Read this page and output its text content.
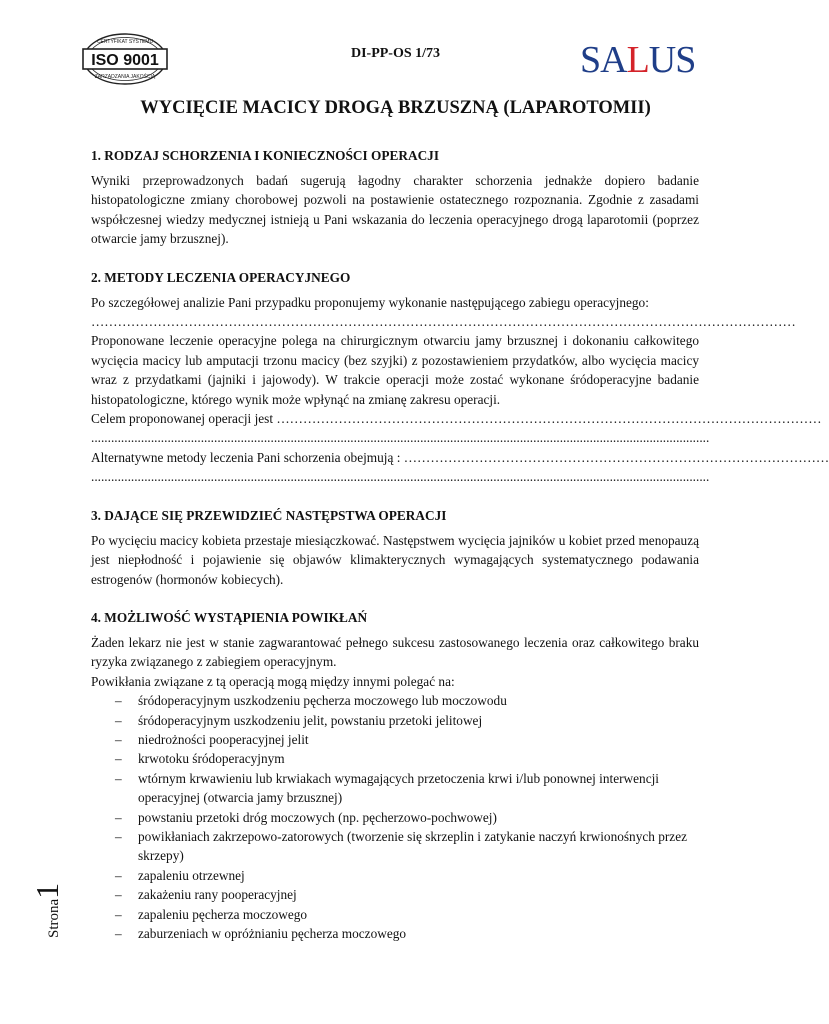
ISO 9001
CERTYFIKAT SYSTEMU
ZARZĄDZANIA JAKOŚCIĄ
DI-PP-OS 1/73	SALUS
WYCIĘCIE MACICY DROGĄ BRZUSZNĄ (LAPAROTOMII)
1. RODZAJ SCHORZENIA I KONIECZNOŚCI OPERACJI

Wyniki przeprowadzonych badań sugerują łagodny charakter schorzenia jednakże dopiero badanie histopatologiczne zmiany chorobowej pozwoli na postawienie ostatecznego rozpoznania. Zgodnie z zasadami współczesnej wiedzy medycznej istnieją u Pani wskazania do leczenia operacyjnego drogą laparotomii (poprzez otwarcie jamy brzusznej).

2. METODY LECZENIA OPERACYJNEGO

Po szczegółowej analizie Pani przypadku proponujemy wykonanie następującego zabiegu operacyjnego:

……………………………………………………………………………………………………………………………………………

Proponowane leczenie operacyjne polega na chirurgicznym otwarciu jamy brzusznej i dokonaniu całkowitego wycięcia macicy lub amputacji trzonu macicy (bez szyjki) z pozostawieniem przydatków, albo wycięcia macicy wraz z przydatkami (jajniki i jajowody). W trakcie operacji może zostać wykonane śródoperacyjne badanie histopatologiczne, którego wynik może wpłynąć na zmianę zakresu operacji.

Celem proponowanej operacji jest ……………………………………………………………………………………………………………
..........................................................................................................................................................................................
Alternatywne metody leczenia Pani schorzenia obejmują : ……………………………………………………………………………………
..........................................................................................................................................................................................
3. DAJĄCE SIĘ PRZEWIDZIEĆ NASTĘPSTWA OPERACJI

Po wycięciu macicy kobieta przestaje miesiączkować. Następstwem wycięcia jajników u kobiet przed menopauzą jest niepłodność i pojawienie się objawów klimakterycznych wymagających systematycznego podawania estrogenów (hormonów kobiecych).

4. MOŻLIWOŚĆ WYSTĄPIENIA POWIKŁAŃ

Żaden lekarz nie jest w stanie zagwarantować pełnego sukcesu zastosowanego leczenia oraz całkowitego braku ryzyka związanego z zabiegiem operacyjnym.

Powikłania związane z tą operacją mogą między innymi polegać na:

– śródoperacyjnym uszkodzeniu pęcherza moczowego lub moczowodu
– śródoperacyjnym uszkodzeniu jelit, powstaniu przetoki jelitowej
– niedrożności pooperacyjnej jelit
– krwotoku śródoperacyjnym
– wtórnym krwawieniu lub krwiakach wymagających przetoczenia krwi i/lub ponownej interwencji operacyjnej (otwarcia jamy brzusznej)
– powstaniu przetoki dróg moczowych (np. pęcherzowo-pochwowej)
– powikłaniach zakrzepowo-zatorowych (tworzenie się skrzeplin i zatykanie naczyń krwionośnych przez skrzepy)
– zapaleniu otrzewnej
– zakażeniu rany pooperacyjnej
– zapaleniu pęcherza moczowego
– zaburzeniach w opróżnianiu pęcherza moczowego
Strona1
